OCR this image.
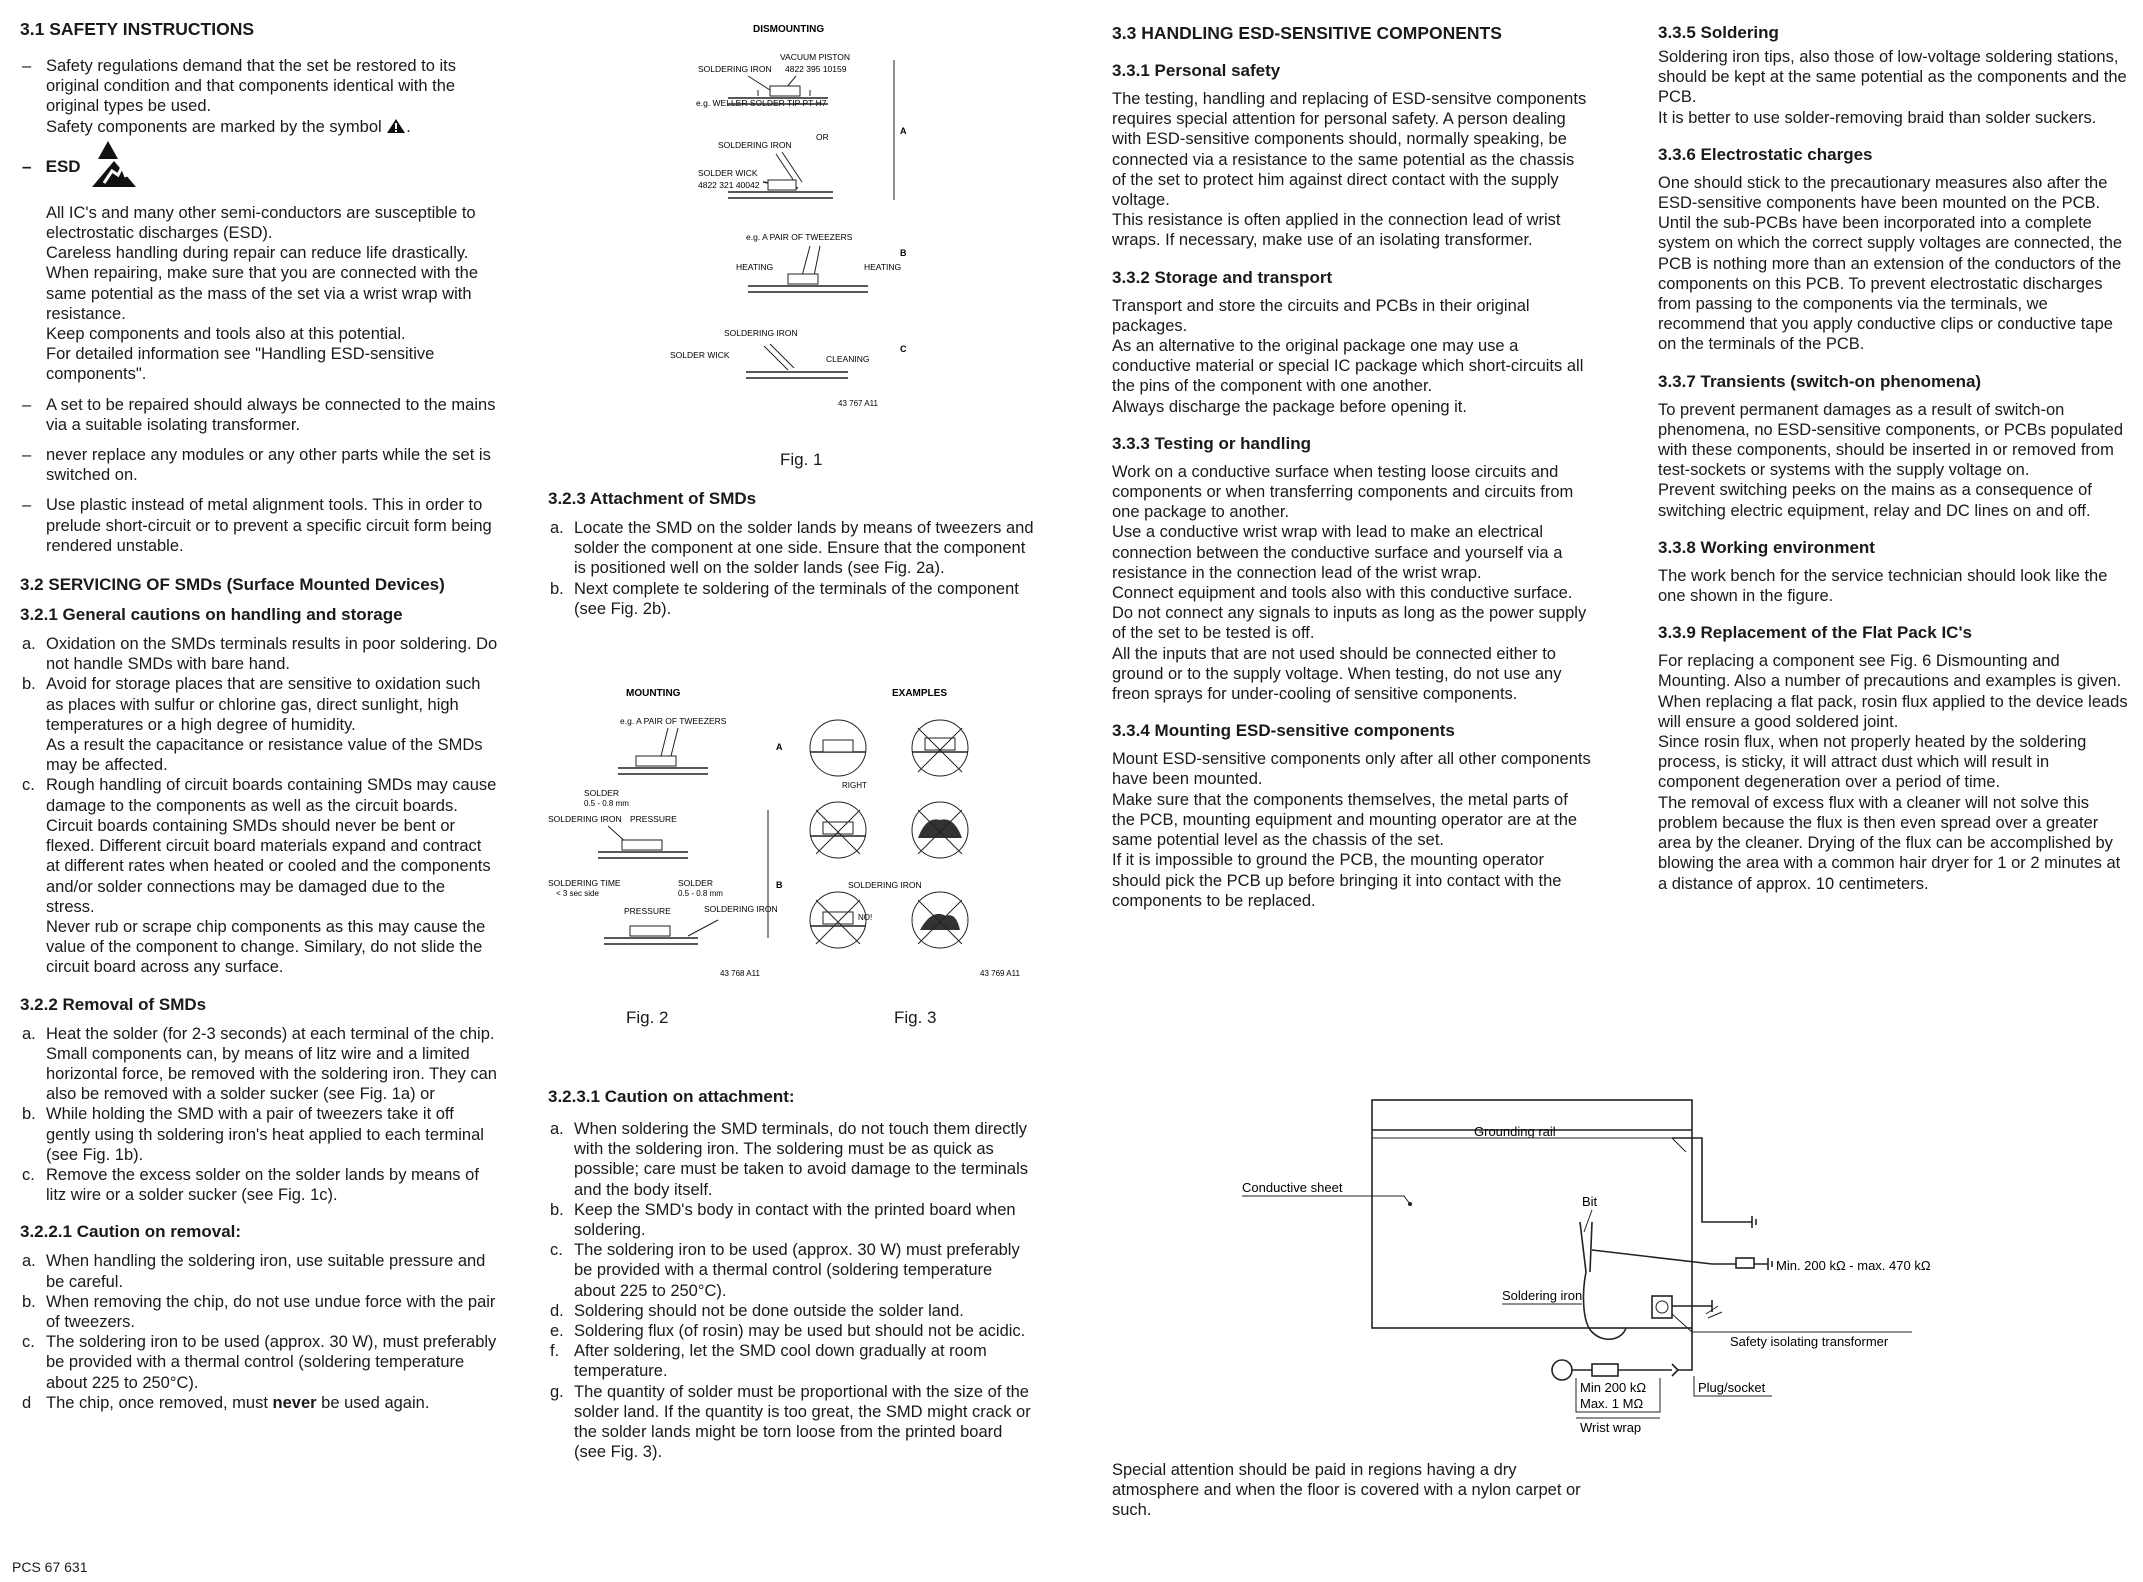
3.1 SAFETY INSTRUCTIONS
– Safety regulations demand that the set be restored to its original condition and that components identical with the original types be used.
Safety components are marked by the symbol .
–   ESD

All IC's and many other semi-conductors are susceptible to electrostatic discharges (ESD).

Careless handling during repair can reduce life drastically.

When repairing, make sure that you are connected with the same potential as the mass of the set via a wrist wrap with resistance.

Keep components and tools also at this potential.

For detailed information see "Handling ESD-sensitive components".

– A set to be repaired should always be connected to the mains via a suitable isolating transformer.
– never replace any modules or any other parts while the set is switched on.
– Use plastic instead of metal alignment tools. This in order to prelude short-circuit or to prevent a specific circuit form being rendered unstable.
3.2 SERVICING OF SMDs (Surface Mounted Devices)
3.2.1 General cautions on handling and storage
a. Oxidation on the SMDs terminals results in poor soldering. Do not handle SMDs with bare hand.
b. Avoid for storage places that are sensitive to oxidation such as places with sulfur or chlorine gas, direct sunlight, high temperatures or a high degree of humidity.
As a result the capacitance or resistance value of the SMDs may be affected.
c. Rough handling of circuit boards containing SMDs may cause damage to the components as well as the circuit boards. Circuit boards containing SMDs should never be bent or flexed. Different circuit board materials expand and contract at different rates when heated or cooled and the components and/or solder connections may be damaged due to the stress.
Never rub or scrape chip components as this may cause the value of the component to change. Similary, do not slide the circuit board across any surface.
3.2.2 Removal of SMDs
a. Heat the solder (for 2-3 seconds) at each terminal of the chip. Small components can, by means of litz wire and a limited horizontal force, be removed with the soldering iron. They can also be removed with a solder sucker (see Fig. 1a) or
b. While holding the SMD with a pair of tweezers take it off gently using th soldering iron's heat applied to each terminal (see Fig. 1b).
c. Remove the excess solder on the solder lands by means of litz wire or a solder sucker (see Fig. 1c).
3.2.2.1 Caution on removal:
a. When handling the soldering iron, use suitable pressure and be careful.
b. When removing the chip, do not use undue force with the pair of tweezers.
c. The soldering iron to be used (approx. 30 W), must preferably be provided with a thermal control (soldering temperature about 225 to 250°C).
d The chip, once removed, must never be used again.
DISMOUNTING
VACUUM PISTON
4822 395 10159
SOLDERING IRON
e.g. WELLER SOLDER TIP PT-H7
OR
A
SOLDERING IRON
SOLDER WICK
4822 321 40042
e.g. A PAIR OF TWEEZERS
B
HEATING	HEATING
SOLDERING IRON
C
SOLDER WICK	CLEANING
43 767 A11
Fig. 1
3.2.3 Attachment of SMDs
a. Locate the SMD on the solder lands by means of tweezers and solder the component at one side. Ensure that the component is positioned well on the solder lands (see Fig. 2a).
b. Next complete te soldering of the terminals of the component (see Fig. 2b).
MOUNTING	EXAMPLES
e.g. A PAIR OF TWEEZERS
A
RIGHT
SOLDER
0.5 - 0.8 mm
SOLDERING IRON PRESSURE
SOLDERING TIME
< 3 sec side
SOLDER
0.5 - 0.8 mm
PRESSURE	SOLDERING IRON
B	SOLDERING IRON
NO!
43 768 A11	43 769 A11
Fig. 2	Fig. 3
3.2.3.1 Caution on attachment:
a. When soldering the SMD terminals, do not touch them directly with the soldering iron. The soldering must be as quick as possible; care must be taken to avoid damage to the terminals and the body itself.
b. Keep the SMD's body in contact with the printed board when soldering.
c. The soldering iron to be used (approx. 30 W) must preferably be provided with a thermal control (soldering temperature about 225 to 250°C).
d. Soldering should not be done outside the solder land.
e. Soldering flux (of rosin) may be used but should not be acidic.
f. After soldering, let the SMD cool down gradually at room temperature.
g. The quantity of solder must be proportional with the size of the solder land. If the quantity is too great, the SMD might crack or the solder lands might be torn loose from the printed board (see Fig. 3).
3.3 HANDLING ESD-SENSITIVE COMPONENTS
3.3.1 Personal safety

The testing, handling and replacing of ESD-sensitve components requires special attention for personal safety. A person dealing with ESD-sensitive components should, normally speaking, be connected via a resistance to the same potential as the chassis of the set to protect him against direct contact with the supply voltage.

This resistance is often applied in the connection lead of wrist wraps. If necessary, make use of an isolating transformer.

3.3.2 Storage and transport

Transport and store the circuits and PCBs in their original packages.

As an alternative to the original package one may use a conductive material or special IC package which short-circuits all the pins of the component with one another.

Always discharge the package before opening it.

3.3.3 Testing or handling

Work on a conductive surface when testing loose circuits and components or when transferring components and circuits from one package to another.

Use a conductive wrist wrap with lead to make an electrical connection between the conductive surface and yourself via a resistance in the connection lead of the wrist wrap.

Connect equipment and tools also with this conductive surface.

Do not connect any signals to inputs as long as the power supply of the set to be tested is off.

All the inputs that are not used should be connected either to ground or to the supply voltage. When testing, do not use any freon sprays for under-cooling of sensitive components.

3.3.4 Mounting ESD-sensitive components

Mount ESD-sensitive components only after all other components have been mounted.

Make sure that the components themselves, the metal parts of the PCB, mounting equipment and mounting operator are at the same potential level as the chassis of the set.

If it is impossible to ground the PCB, the mounting operator should pick the PCB up before bringing it into contact with the components to be replaced.

Grounding rail
Conductive sheet
Bit
Soldering iron
Min. 200 kΩ - max. 470 kΩ
Safety isolating transformer
Min 200 kΩ
Max. 1 MΩ
Plug/socket
Wrist wrap

Special attention should be paid in regions having a dry atmosphere and when the floor is covered with a nylon carpet or such.

3.3.5 Soldering

Soldering iron tips, also those of low-voltage soldering stations, should be kept at the same potential as the components and the PCB.

It is better to use solder-removing braid than solder suckers.

3.3.6 Electrostatic charges

One should stick to the precautionary measures also after the ESD-sensitive components have been mounted on the PCB. Until the sub-PCBs have been incorporated into a complete system on which the correct supply voltages are connected, the PCB is nothing more than an extension of the conductors of the components on this PCB. To prevent electrostatic discharges from passing to the components via the terminals, we recommend that you apply conductive clips or conductive tape on the terminals of the PCB.

3.3.7 Transients (switch-on phenomena)

To prevent permanent damages as a result of switch-on phenomena, no ESD-sensitive components, or PCBs populated with these components, should be inserted in or removed from test-sockets or systems with the supply voltage on.

Prevent switching peeks on the mains as a consequence of switching electric equipment, relay and DC lines on and off.

3.3.8 Working environment

The work bench for the service technician should look like the one shown in the figure.

3.3.9 Replacement of the Flat Pack IC's

For replacing a component see Fig. 6 Dismounting and Mounting. Also a number of precautions and examples is given.

When replacing a flat pack, rosin flux applied to the device leads will ensure a good soldered joint.

Since rosin flux, when not properly heated by the soldering process, is sticky, it will attract dust which will result in component degeneration over a period of time.

The removal of excess flux with a cleaner will not solve this problem because the flux is then even spread over a greater area by the cleaner. Drying of the flux can be accomplished by blowing the area with a common hair dryer for 1 or 2 minutes at a distance of approx. 10 centimeters.

PCS 67 631
